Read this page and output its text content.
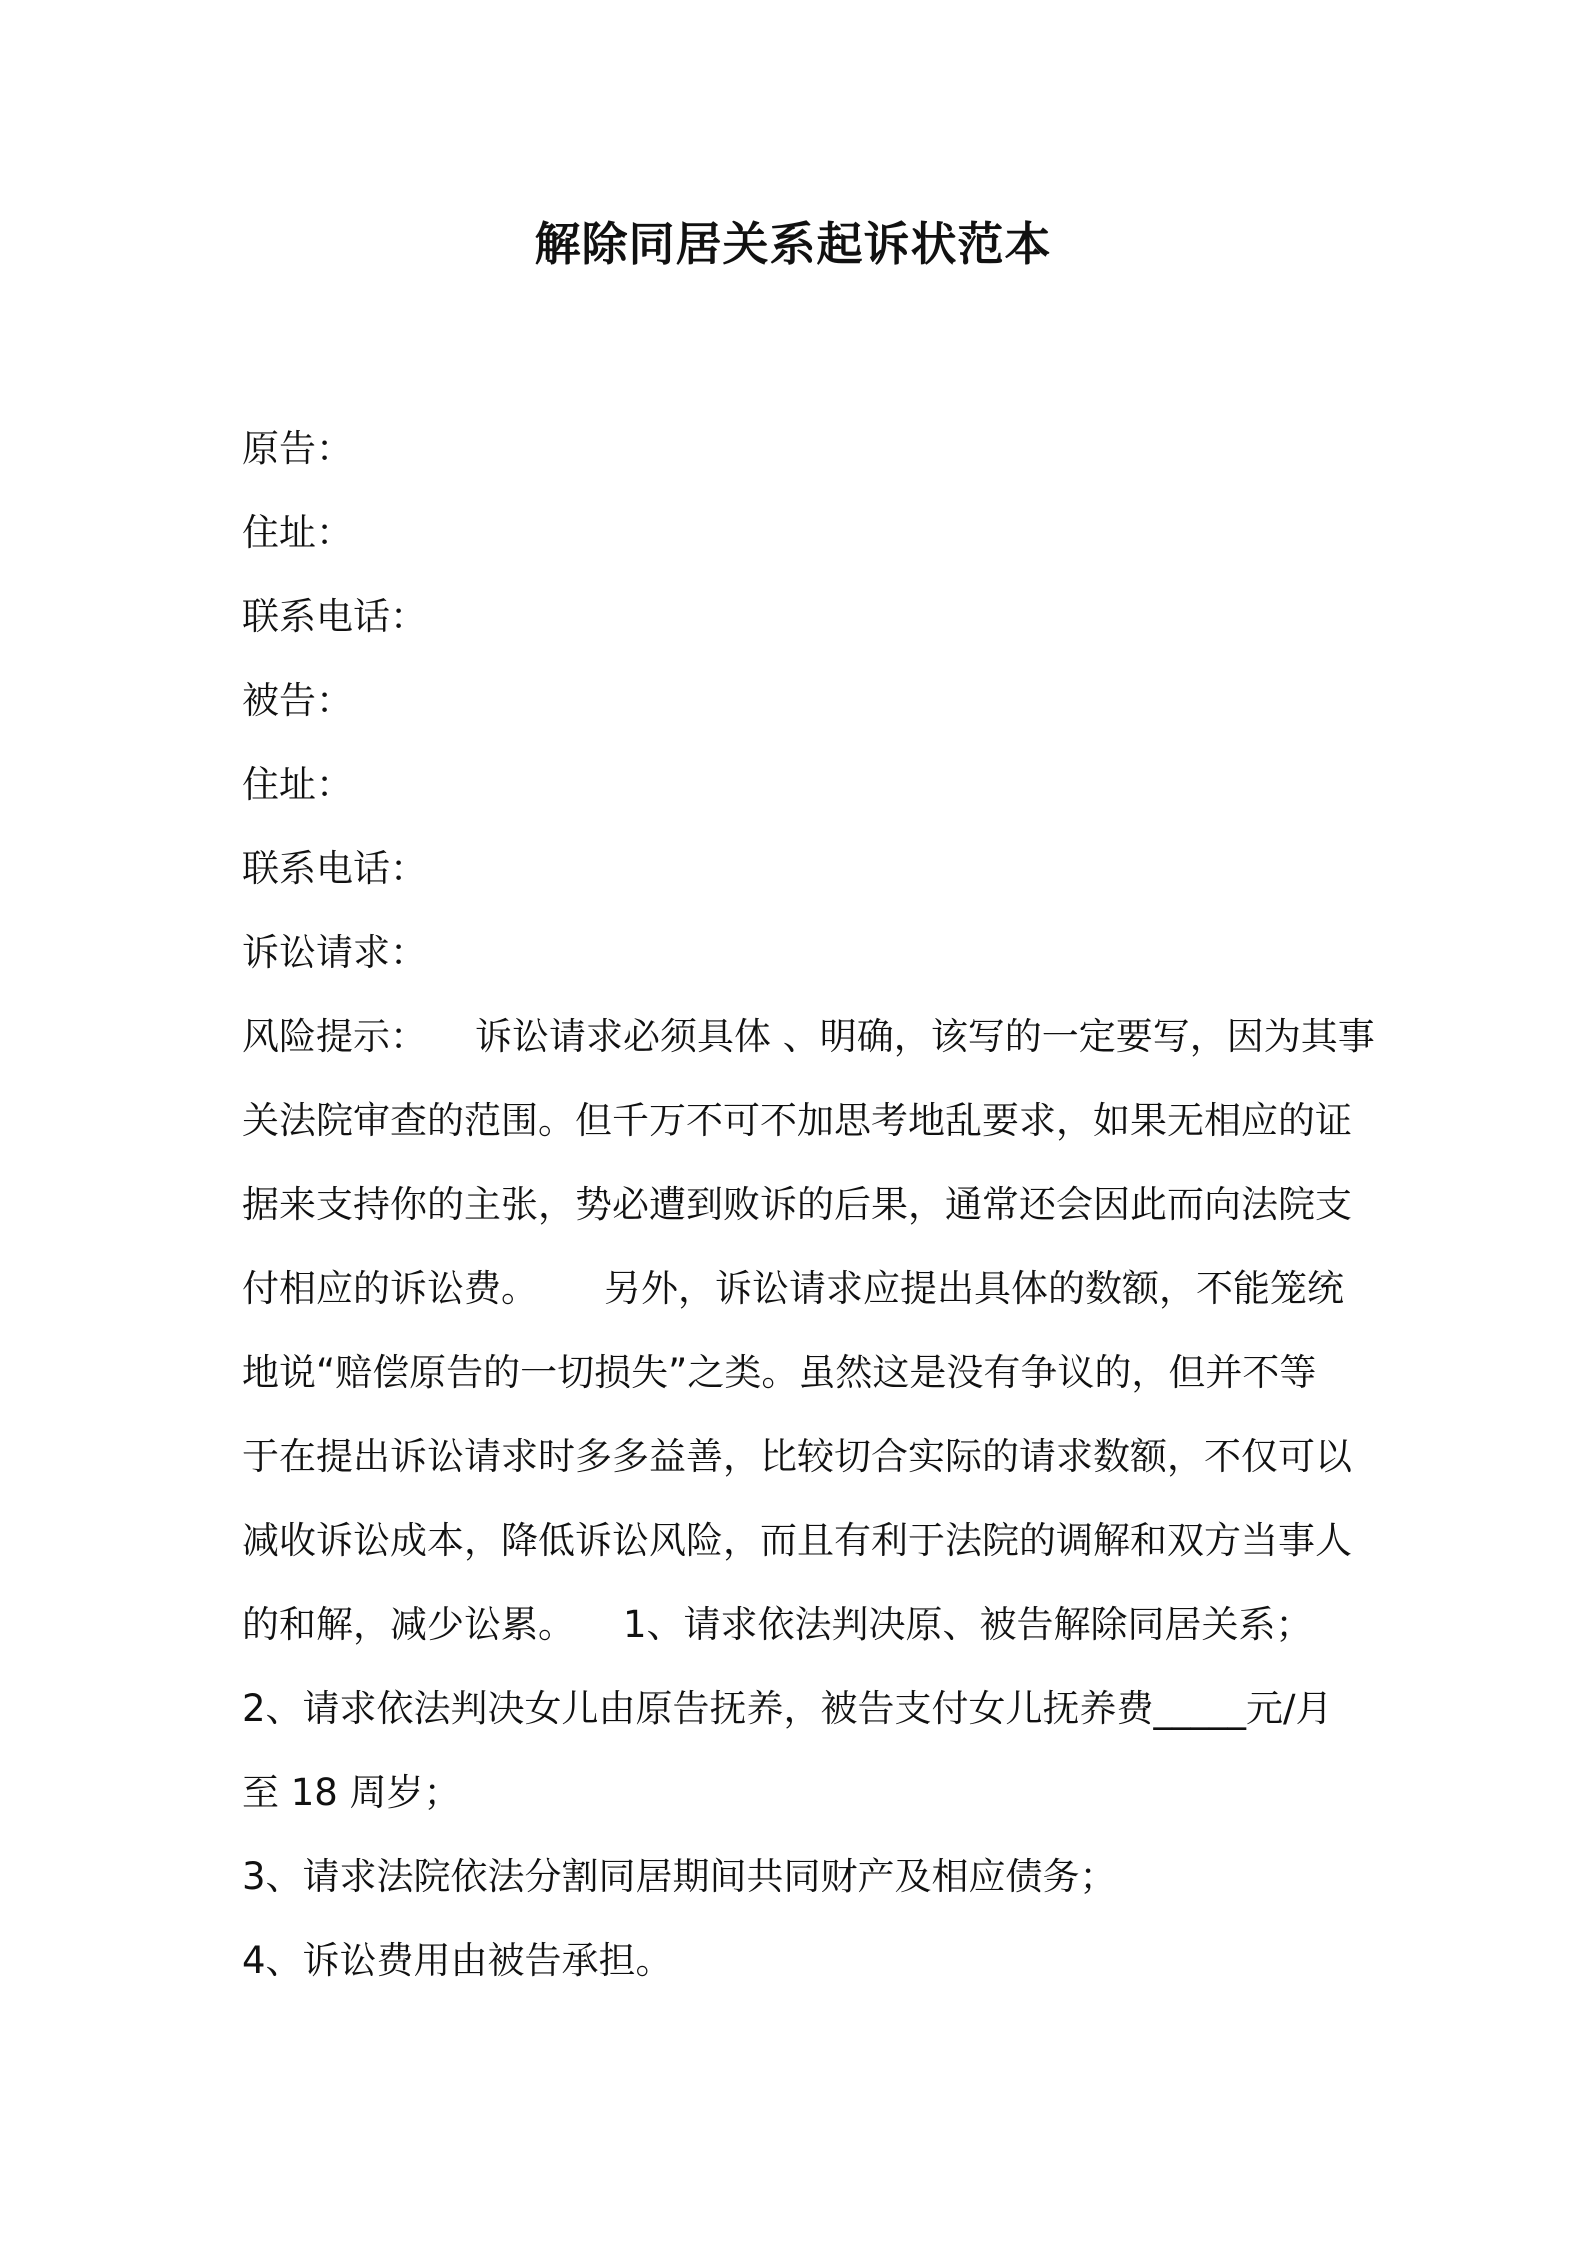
解除同居关系起诉状范本
原告：
住址：
联系电话：
被告：
住址：
联系电话：
诉讼请求：
风险提示： 诉讼请求必须具体 、明确，该写的一定要写，因为其事
关法院审查的范围。但千万不可不加思考地乱要求，如果无相应的证
据来支持你的主张，势必遭到败诉的后果，通常还会因此而向法院支
付相应的诉讼费。 另外，诉讼请求应提出具体的数额，不能笼统
地说“赔偿原告的一切损失”之类。虽然这是没有争议的，但并不等
于在提出诉讼请求时多多益善，比较切合实际的请求数额，不仅可以
减收诉讼成本，降低诉讼风险，而且有利于法院的调解和双方当事人
的和解，减少讼累。 1、请求依法判决原、被告解除同居关系；
2、请求依法判决女儿由原告抚养，被告支付女儿抚养费_____元/月
至 18 周岁；
3、请求法院依法分割同居期间共同财产及相应债务；
4、诉讼费用由被告承担。
